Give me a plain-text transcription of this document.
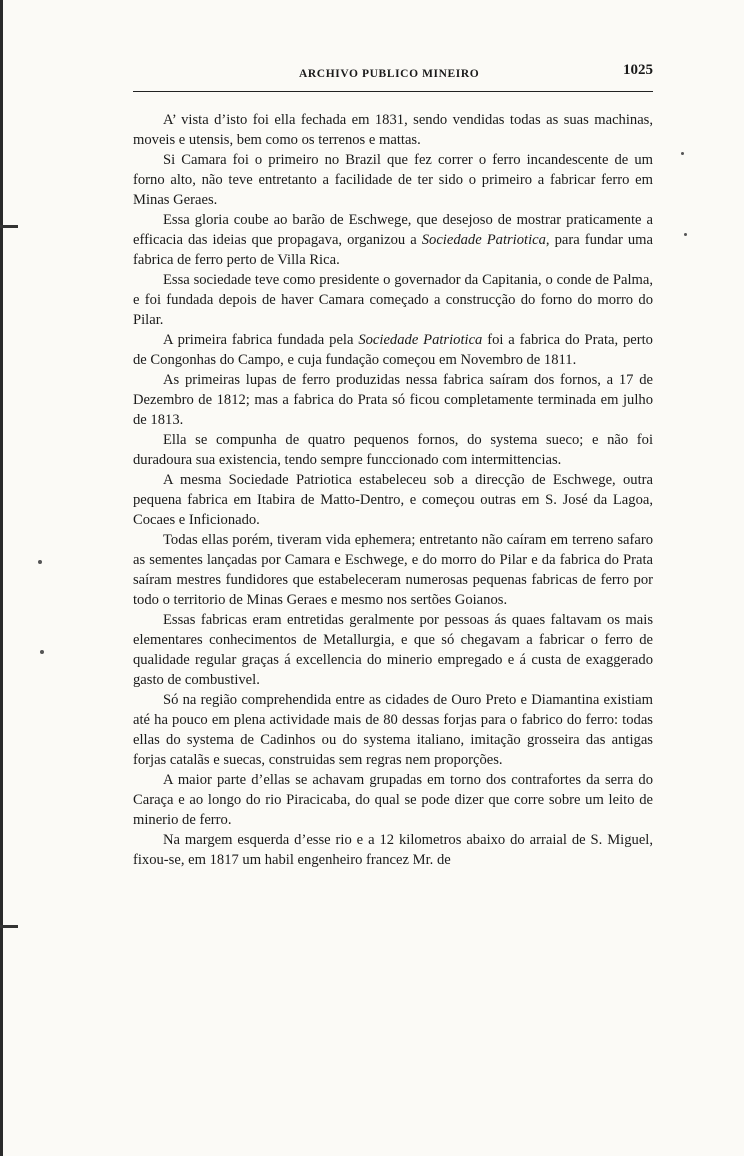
ARCHIVO PUBLICO MINEIRO	1025

A’ vista d’isto foi ella fechada em 1831, sendo vendidas todas as suas machinas, moveis e utensis, bem como os terrenos e mattas.

Si Camara foi o primeiro no Brazil que fez correr o ferro incandescente de um forno alto, não teve entretanto a facilidade de ter sido o primeiro a fabricar ferro em Minas Geraes.

Essa gloria coube ao barão de Eschwege, que desejoso de mostrar praticamente a efficacia das ideias que propagava, organizou a Sociedade Patriotica, para fundar uma fabrica de ferro perto de Villa Rica.

Essa sociedade teve como presidente o governador da Capitania, o conde de Palma, e foi fundada depois de haver Camara começado a construcção do forno do morro do Pilar.

A primeira fabrica fundada pela Sociedade Patriotica foi a fabrica do Prata, perto de Congonhas do Campo, e cuja fundação começou em Novembro de 1811.

As primeiras lupas de ferro produzidas nessa fabrica saíram dos fornos, a 17 de Dezembro de 1812; mas a fabrica do Prata só ficou completamente terminada em julho de 1813.

Ella se compunha de quatro pequenos fornos, do systema sueco; e não foi duradoura sua existencia, tendo sempre funccionado com intermittencias.

A mesma Sociedade Patriotica estabeleceu sob a direcção de Eschwege, outra pequena fabrica em Itabira de Matto-Dentro, e começou outras em S. José da Lagoa, Cocaes e Inficionado.

Todas ellas porém, tiveram vida ephemera; entretanto não caíram em terreno safaro as sementes lançadas por Camara e Eschwege, e do morro do Pilar e da fabrica do Prata saíram mestres fundidores que estabeleceram numerosas pequenas fabricas de ferro por todo o territorio de Minas Geraes e mesmo nos sertões Goianos.

Essas fabricas eram entretidas geralmente por pessoas ás quaes faltavam os mais elementares conhecimentos de Metallurgia, e que só chegavam a fabricar o ferro de qualidade regular graças á excellencia do minerio empregado e á custa de exaggerado gasto de combustivel.

Só na região comprehendida entre as cidades de Ouro Preto e Diamantina existiam até ha pouco em plena actividade mais de 80 dessas forjas para o fabrico do ferro: todas ellas do systema de Cadinhos ou do systema italiano, imitação grosseira das antigas forjas catalãs e suecas, construidas sem regras nem proporções.

A maior parte d’ellas se achavam grupadas em torno dos contrafortes da serra do Caraça e ao longo do rio Piracicaba, do qual se pode dizer que corre sobre um leito de minerio de ferro.

Na margem esquerda d’esse rio e a 12 kilometros abaixo do arraial de S. Miguel, fixou-se, em 1817 um habil engenheiro francez Mr. de
